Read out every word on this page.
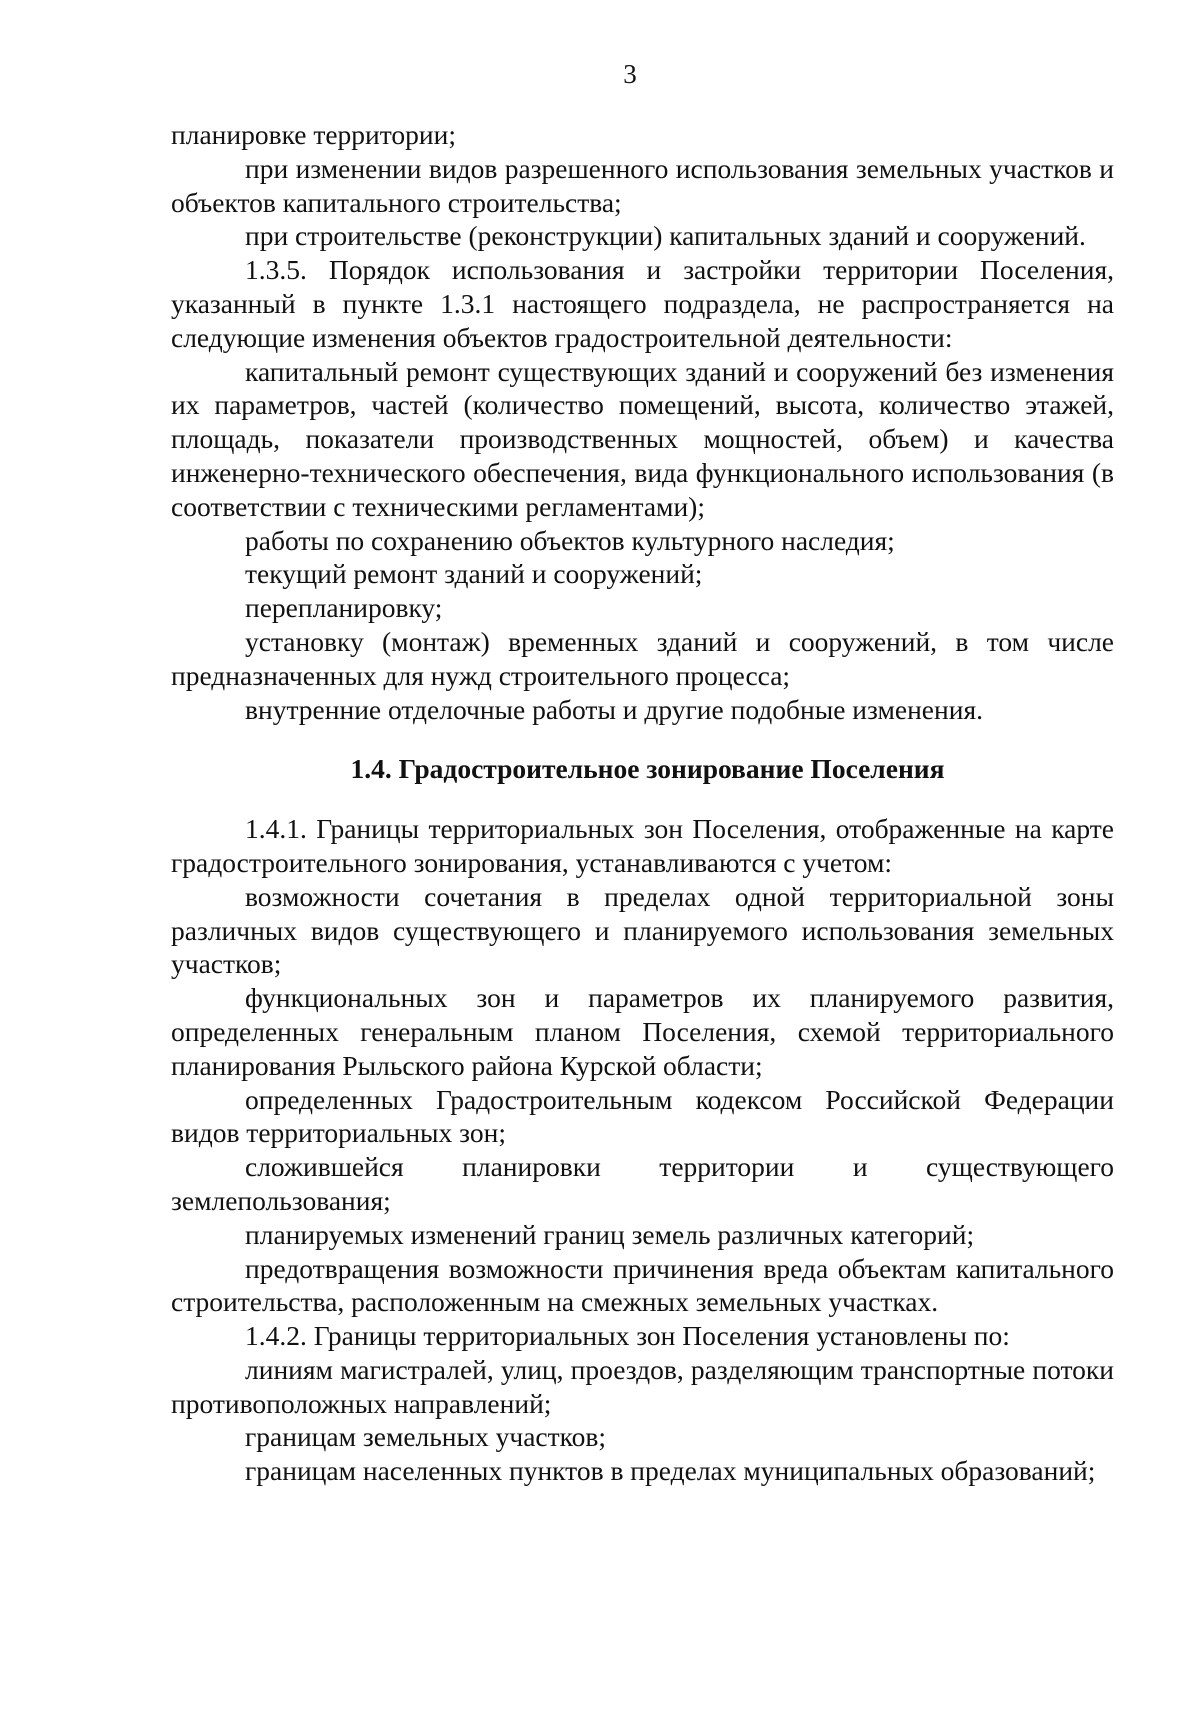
3

планировке территории;

при изменении видов разрешенного использования земельных участков и объектов капитального строительства;

при строительстве (реконструкции) капитальных зданий и сооружений.

1.3.5. Порядок использования и застройки территории Поселения, указанный в пункте 1.3.1 настоящего подраздела, не распространяется на следующие изменения объектов градостроительной деятельности:

капитальный ремонт существующих зданий и сооружений без изменения их параметров, частей (количество помещений, высота, количество этажей, площадь, показатели производственных мощностей, объем) и качества инженерно-технического обеспечения, вида функционального использования (в соответствии с техническими регламентами);

работы по сохранению объектов культурного наследия;

текущий ремонт зданий и сооружений;

перепланировку;

установку (монтаж) временных зданий и сооружений, в том числе предназначенных для нужд строительного процесса;

внутренние отделочные работы и другие подобные изменения.

1.4. Градостроительное зонирование Поселения

1.4.1. Границы территориальных зон Поселения, отображенные на карте градостроительного зонирования, устанавливаются с учетом:

возможности сочетания в пределах одной территориальной зоны различных видов существующего и планируемого использования земельных участков;

функциональных зон и параметров их планируемого развития, определенных генеральным планом Поселения, схемой территориального планирования Рыльского района Курской области;

определенных Градостроительным кодексом Российской Федерации видов территориальных зон;

сложившейся планировки территории и существующего землепользования;

планируемых изменений границ земель различных категорий;

предотвращения возможности причинения вреда объектам капитального строительства, расположенным на смежных земельных участках.

1.4.2. Границы территориальных зон Поселения установлены по:

линиям магистралей, улиц, проездов, разделяющим транспортные потоки противоположных направлений;

границам земельных участков;

границам населенных пунктов в пределах муниципальных образований;
